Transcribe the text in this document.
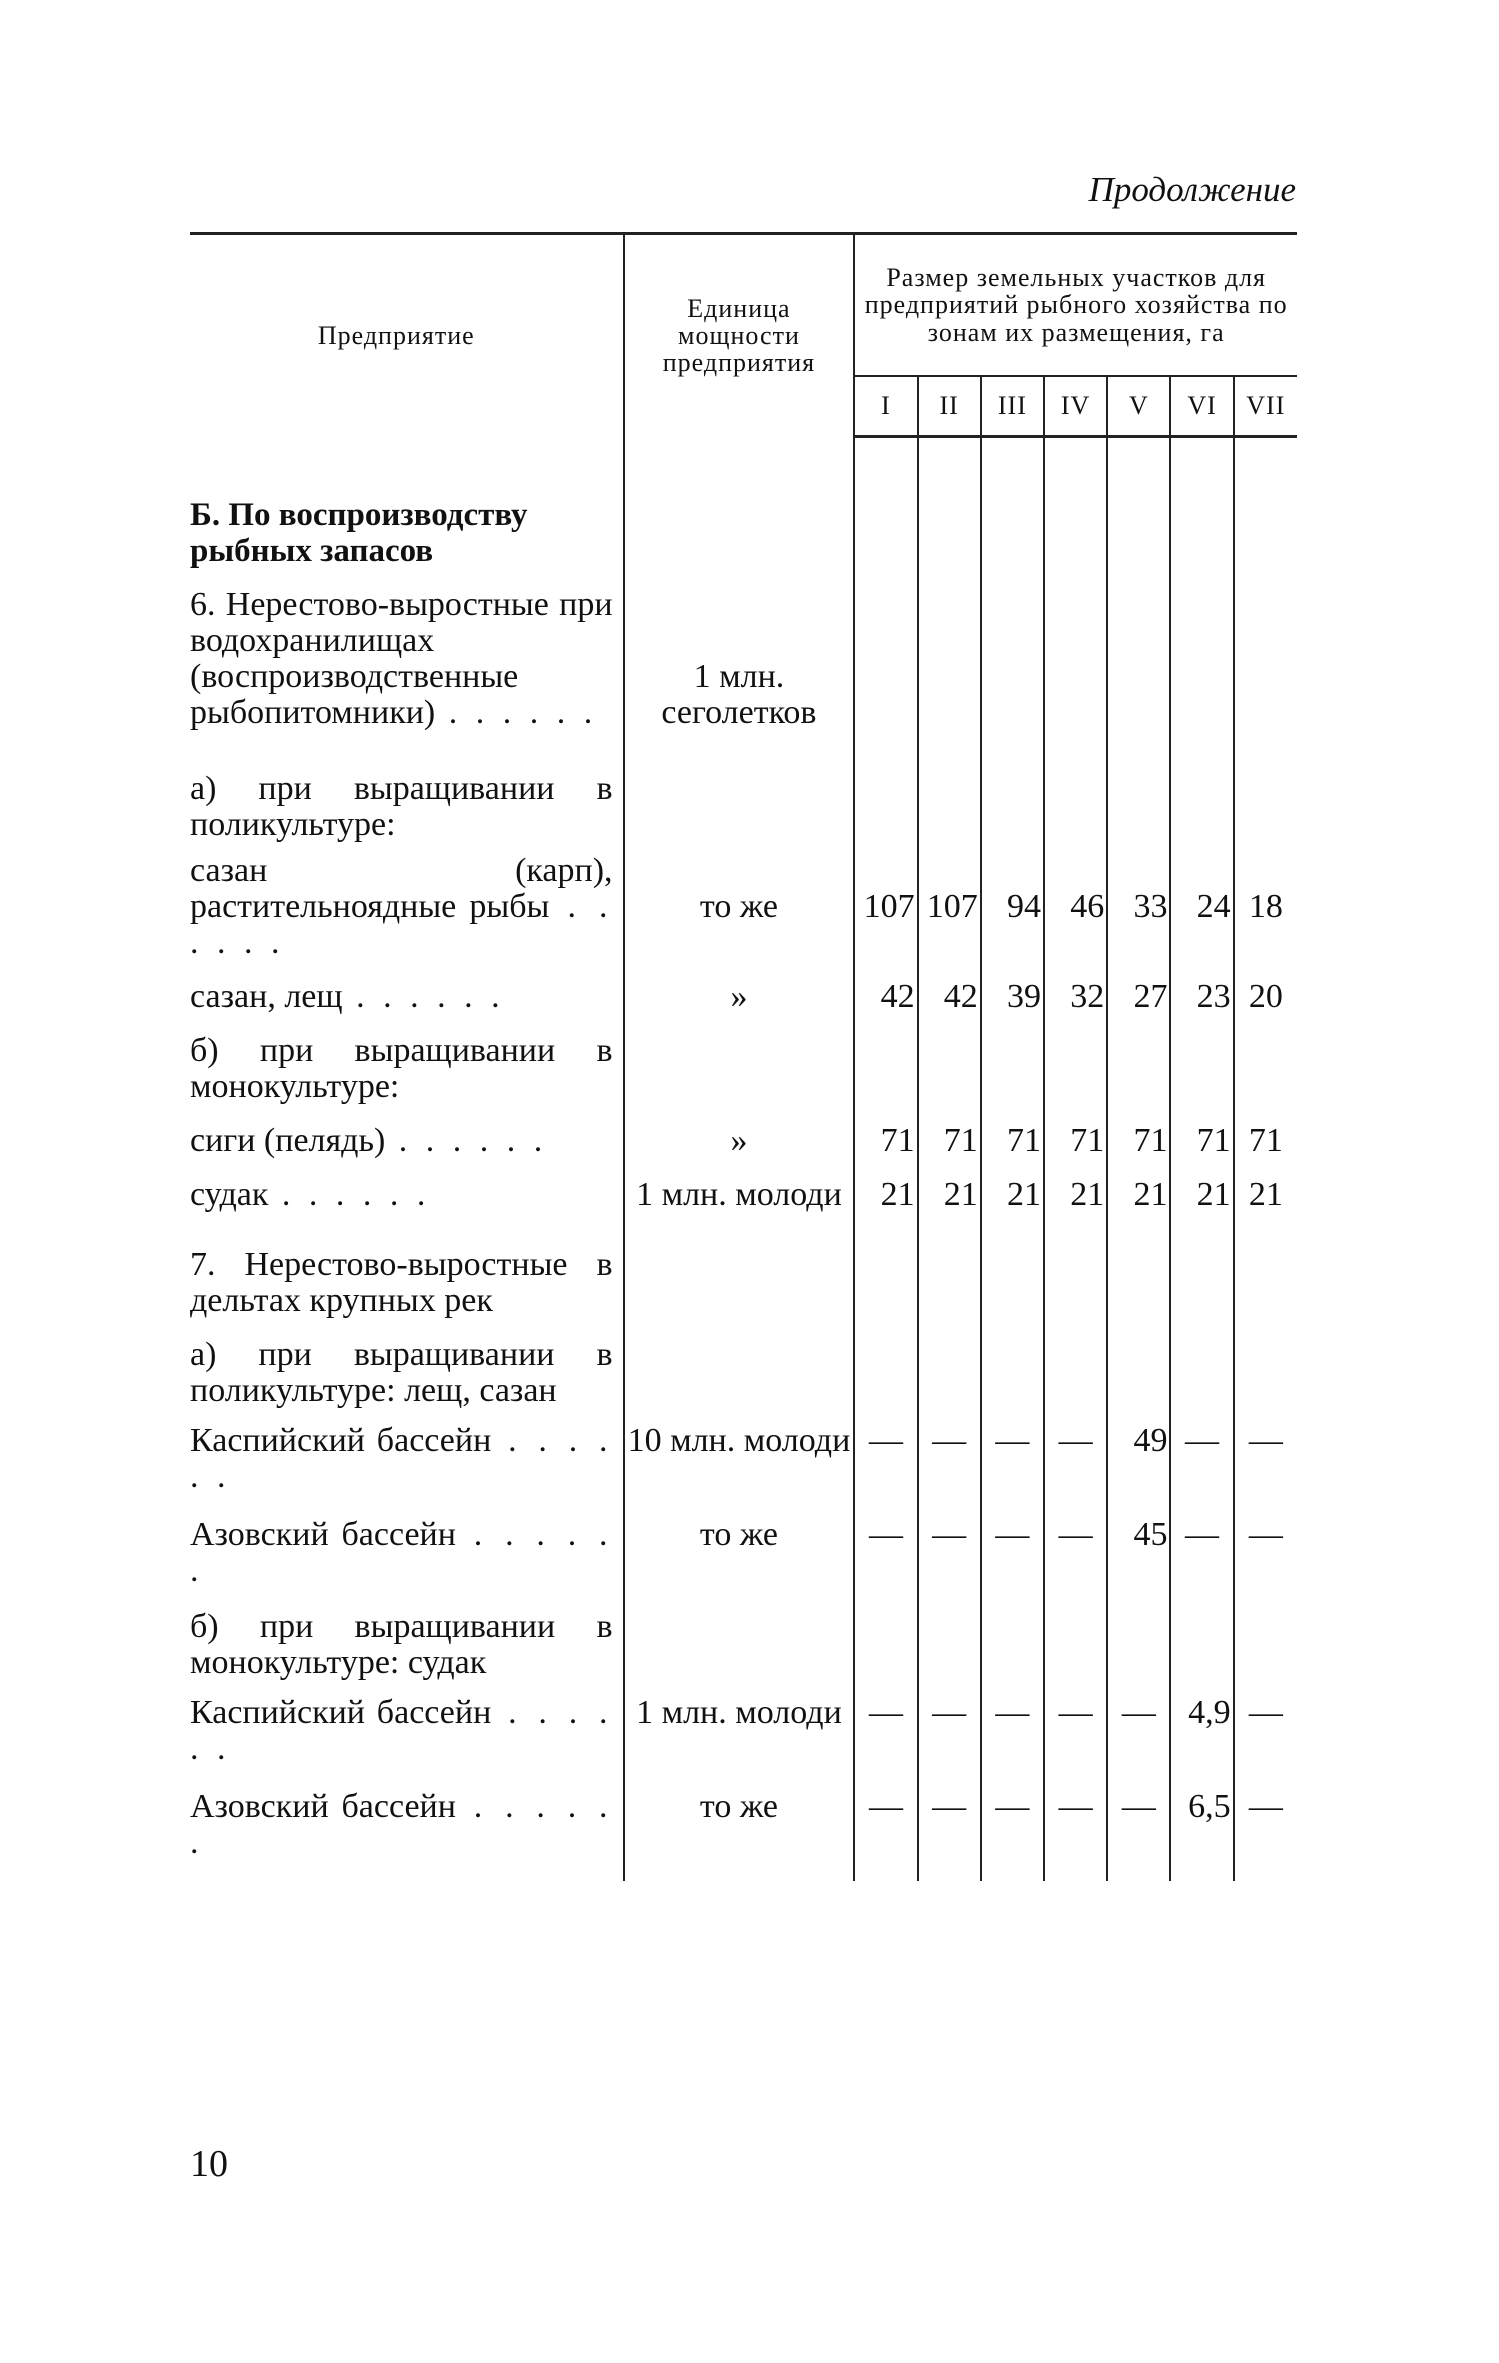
Продолжение
Предприятие	Единица мощности предприятия	Размер земельных участков для предприятий рыбного хозяйства по зонам их размещения, га						
		I	II	III	IV	V	VI	VII
Б. По воспроизводству рыбных запасов								
6. Нерестово-выростные при водохранилищах (воспроизводственные рыбопитомники) . . . . . .	1 млн. сеголетков							
а) при выращивании в поликультуре:								
сазан (карп), растительноядные рыбы . . . . . .	то же	107	107	94	46	33	24	18
сазан, лещ . . . . . .	»	42	42	39	32	27	23	20
б) при выращивании в монокультуре:								
сиги (пелядь) . . . . . .	»	71	71	71	71	71	71	71
судак . . . . . .	1 млн. молоди	21	21	21	21	21	21	21
7. Нерестово-выростные в дельтах крупных рек								
а) при выращивании в поликультуре: лещ, сазан								
Каспийский бассейн . . . . . .	10 млн. молоди	—	—	—	—	49	—	—
Азовский бассейн . . . . . .	то же	—	—	—	—	45	—	—
б) при выращивании в монокультуре: судак								
Каспийский бассейн . . . . . .	1 млн. молоди	—	—	—	—	—	4,9	—
Азовский бассейн . . . . . .	то же	—	—	—	—	—	6,5	—

10
